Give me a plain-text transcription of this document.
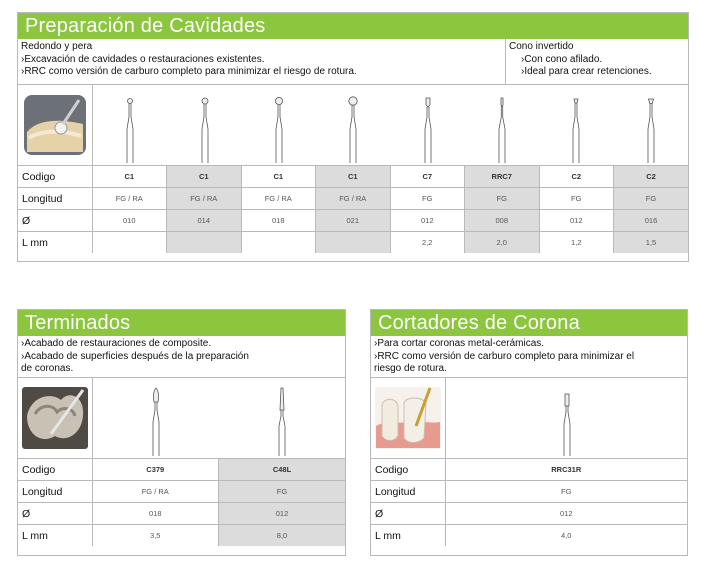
Preparación de Cavidades
Redondo y pera
›Excavación de cavidades o restauraciones existentes.
›RRC como versión de carburo completo para minimizar el riesgo de rotura.
Cono invertido
›Con cono afilado.
›Ideal para crear retenciones.
Codigo	C1	C1	C1	C1	C7	RRC7	C2	C2
Longitud	FG / RA	FG / RA	FG / RA	FG / RA	FG	FG	FG	FG
Ø	010	014	018	021	012	008	012	016
L mm					2,2	2,0	1,2	1,5
Terminados
›Acabado de restauraciones de composite.
›Acabado de superficies después de la preparación
de coronas.
Codigo	C379	C48L
Longitud	FG / RA	FG
Ø	018	012
L mm	3,5	8,0
Cortadores de Corona
›Para cortar coronas metal-cerámicas.
›RRC como versión de carburo completo para minimizar el
riesgo de rotura.
Codigo	RRC31R
Longitud	FG
Ø	012
L mm	4,0
